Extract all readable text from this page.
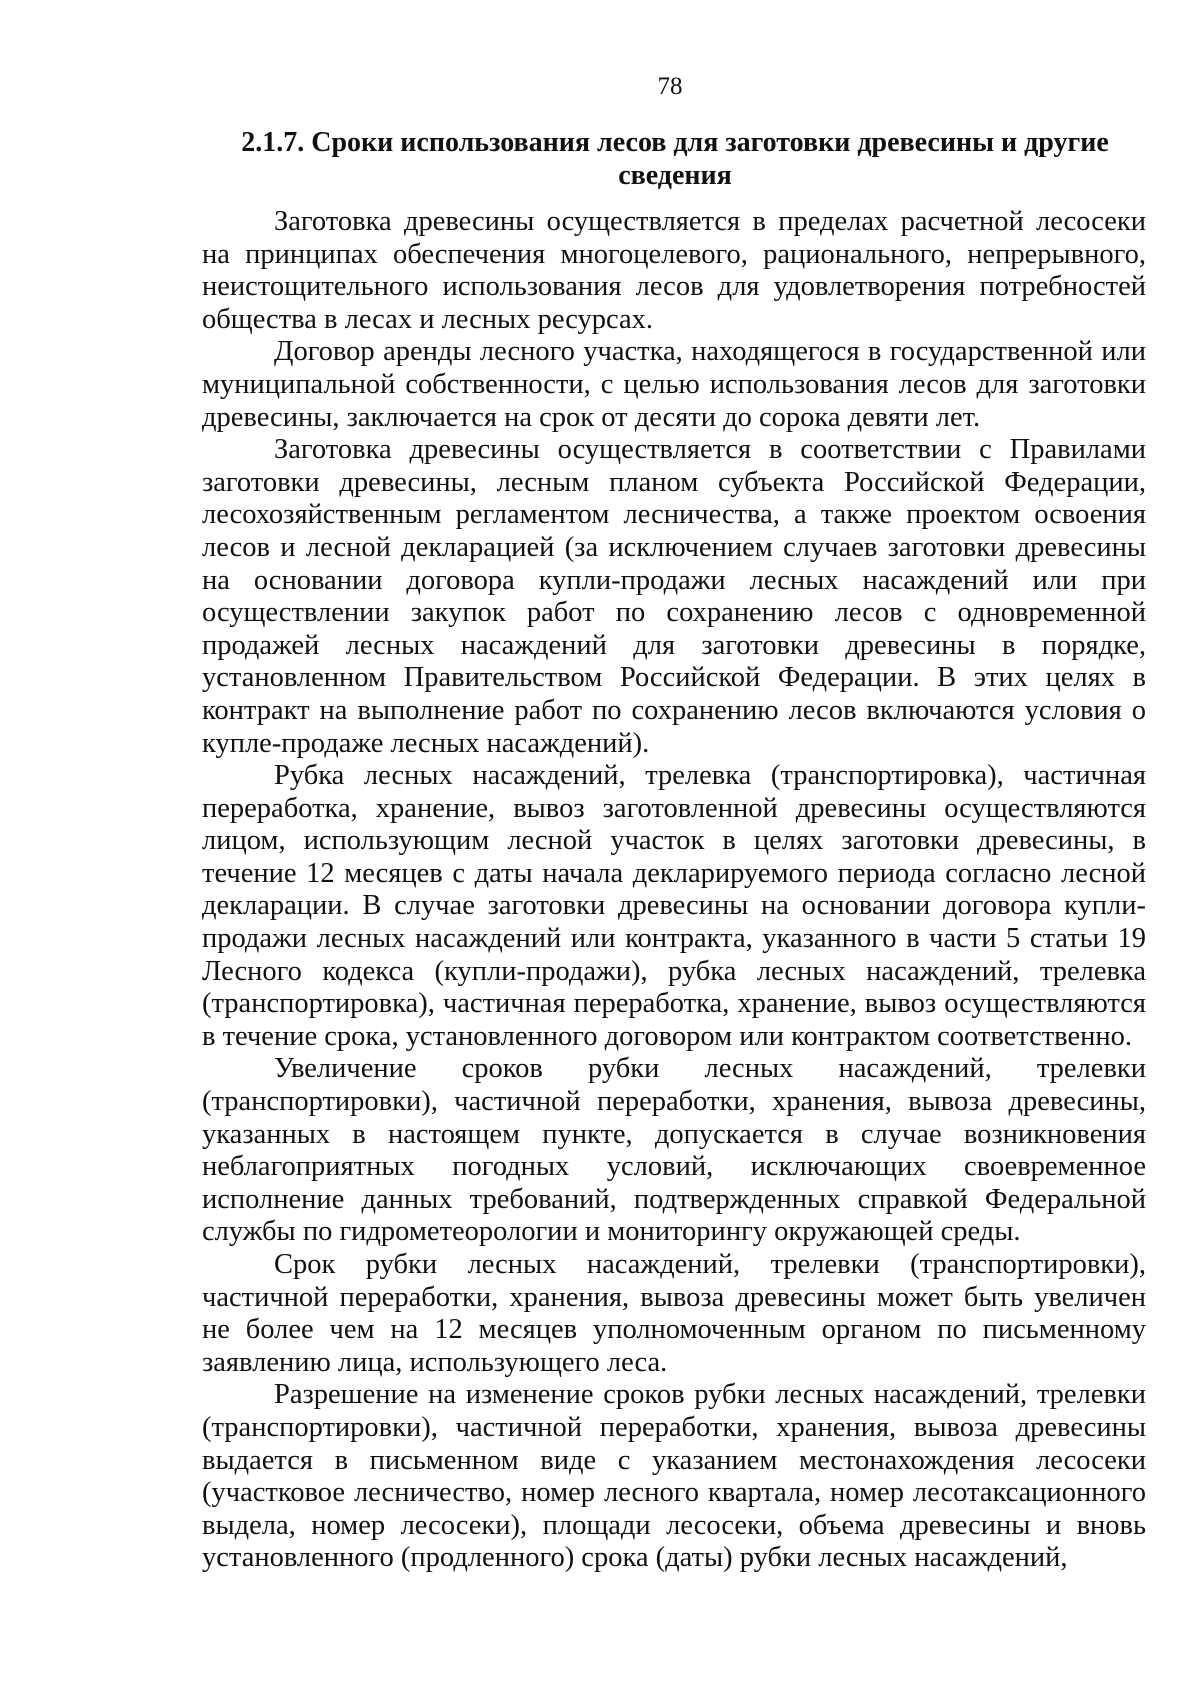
78
2.1.7. Сроки использования лесов для заготовки древесины и другие сведения

Заготовка древесины осуществляется в пределах расчетной лесосеки на принципах обеспечения многоцелевого, рационального, непрерывного, неистощительного использования лесов для удовлетворения потребностей общества в лесах и лесных ресурсах.

Договор аренды лесного участка, находящегося в государственной или муниципальной собственности, с целью использования лесов для заготовки древесины, заключается на срок от десяти до сорока девяти лет.

Заготовка древесины осуществляется в соответствии с Правилами заготовки древесины, лесным планом субъекта Российской Федерации, лесохозяйственным регламентом лесничества, а также проектом освоения лесов и лесной декларацией (за исключением случаев заготовки древесины на основании договора купли-продажи лесных насаждений или при осуществлении закупок работ по сохранению лесов с одновременной продажей лесных насаждений для заготовки древесины в порядке, установленном Правительством Российской Федерации. В этих целях в контракт на выполнение работ по сохранению лесов включаются условия о купле-продаже лесных насаждений).

Рубка лесных насаждений, трелевка (транспортировка), частичная переработка, хранение, вывоз заготовленной древесины осуществляются лицом, использующим лесной участок в целях заготовки древесины, в течение 12 месяцев с даты начала декларируемого периода согласно лесной декларации. В случае заготовки древесины на основании договора купли-продажи лесных насаждений или контракта, указанного в части 5 статьи 19 Лесного кодекса (купли-продажи), рубка лесных насаждений, трелевка (транспортировка), частичная переработка, хранение, вывоз осуществляются в течение срока, установленного договором или контрактом соответственно.

Увеличение сроков рубки лесных насаждений, трелевки (транспортировки), частичной переработки, хранения, вывоза древесины, указанных в настоящем пункте, допускается в случае возникновения неблагоприятных погодных условий, исключающих своевременное исполнение данных требований, подтвержденных справкой Федеральной службы по гидрометеорологии и мониторингу окружающей среды.

Срок рубки лесных насаждений, трелевки (транспортировки), частичной переработки, хранения, вывоза древесины может быть увеличен не более чем на 12 месяцев уполномоченным органом по письменному заявлению лица, использующего леса.

Разрешение на изменение сроков рубки лесных насаждений, трелевки (транспортировки), частичной переработки, хранения, вывоза древесины выдается в письменном виде с указанием местонахождения лесосеки (участковое лесничество, номер лесного квартала, номер лесотаксационного выдела, номер лесосеки), площади лесосеки, объема древесины и вновь установленного (продленного) срока (даты) рубки лесных насаждений,
